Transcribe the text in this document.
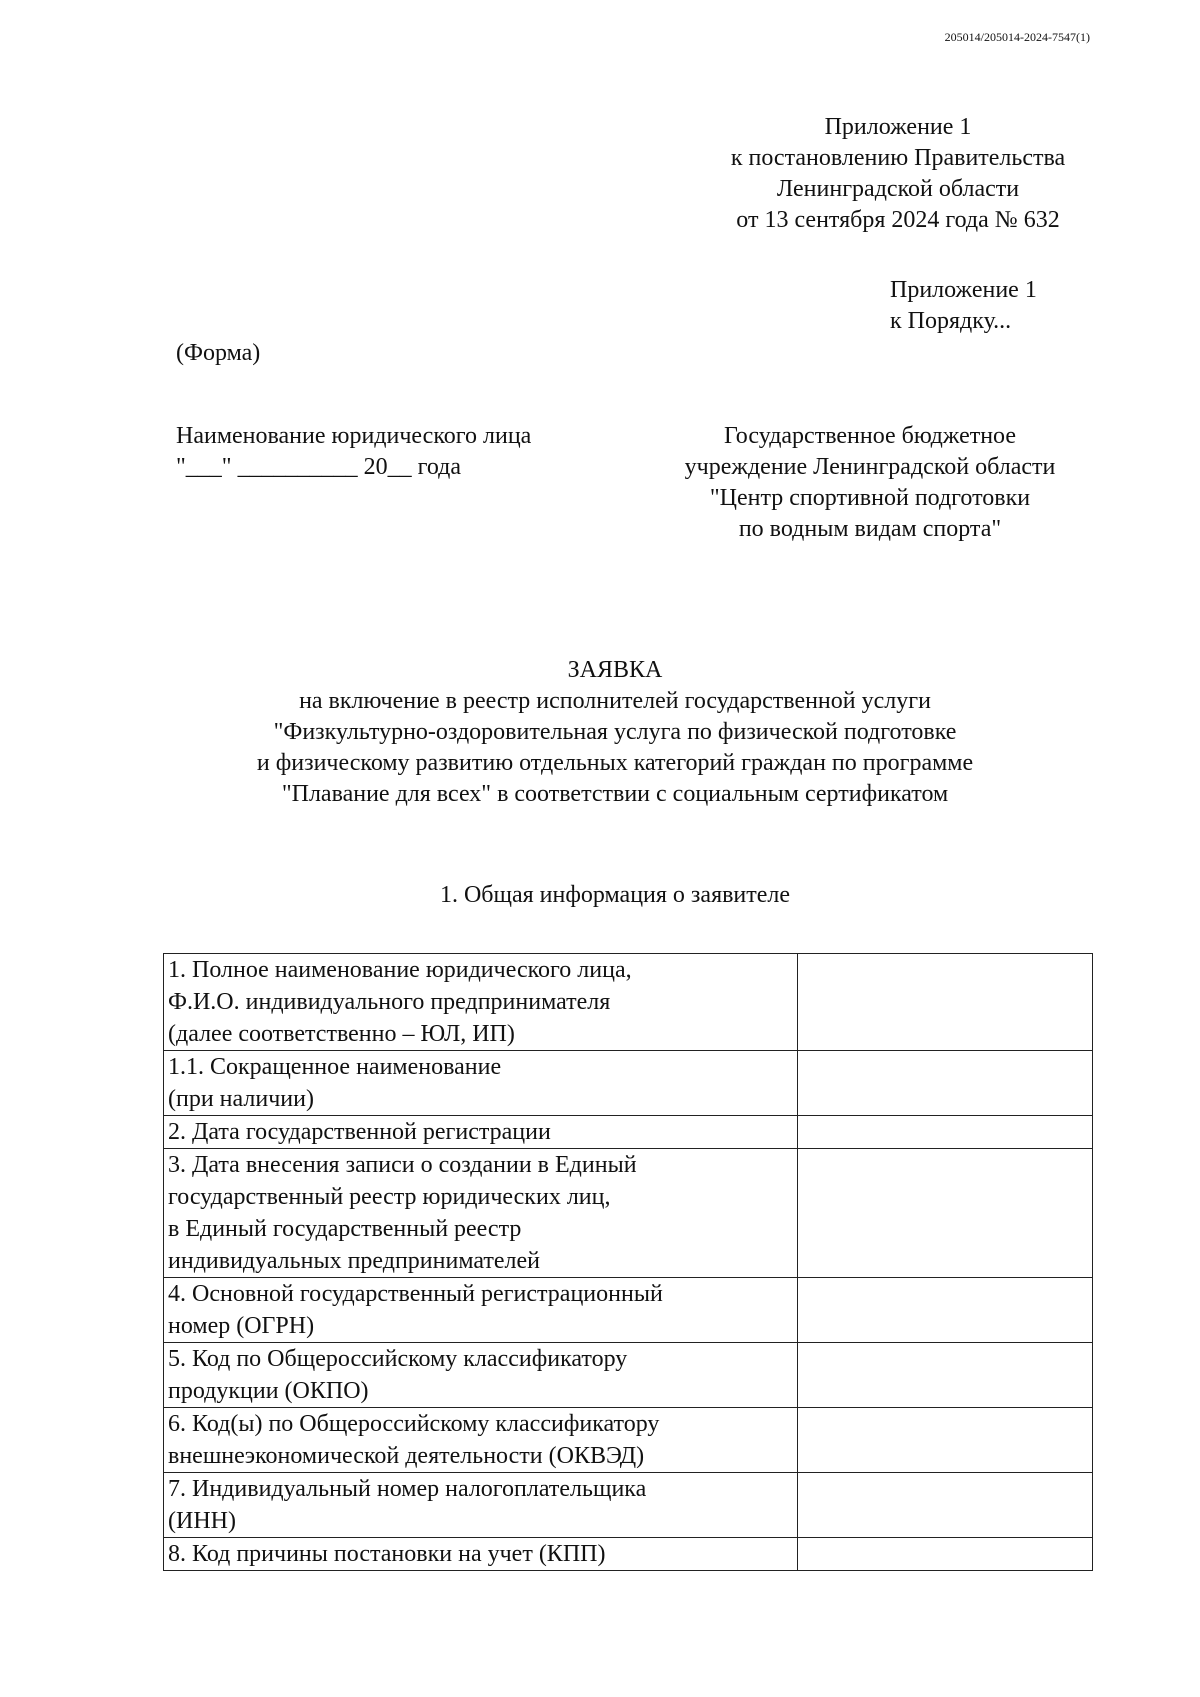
205014/205014-2024-7547(1)
Приложение 1
к постановлению Правительства
Ленинградской области
от 13 сентября 2024 года № 632
Приложение 1
к Порядку...
(Форма)
Наименование юридического лица
"___" __________ 20__ года
Государственное бюджетное
учреждение Ленинградской области
"Центр спортивной подготовки
по водным видам спорта"
ЗАЯВКА
на включение в реестр исполнителей государственной услуги
"Физкультурно-оздоровительная услуга по физической подготовке
и физическому развитию отдельных категорий граждан по программе
"Плавание для всех" в соответствии с социальным сертификатом
1. Общая информация о заявителе
1. Полное наименование юридического лица,
Ф.И.О. индивидуального предпринимателя
(далее соответственно – ЮЛ, ИП)	

1.1. Сокращенное наименование
(при наличии)	

2. Дата государственной регистрации	

3. Дата внесения записи о создании в Единый
государственный реестр юридических лиц,
в Единый государственный реестр
индивидуальных предпринимателей	

4. Основной государственный регистрационный
номер (ОГРН)	

5. Код по Общероссийскому классификатору
продукции (ОКПО)	

6. Код(ы) по Общероссийскому классификатору
внешнеэкономической деятельности (ОКВЭД)	

7. Индивидуальный номер налогоплательщика
(ИНН)	

8. Код причины постановки на учет (КПП)	
